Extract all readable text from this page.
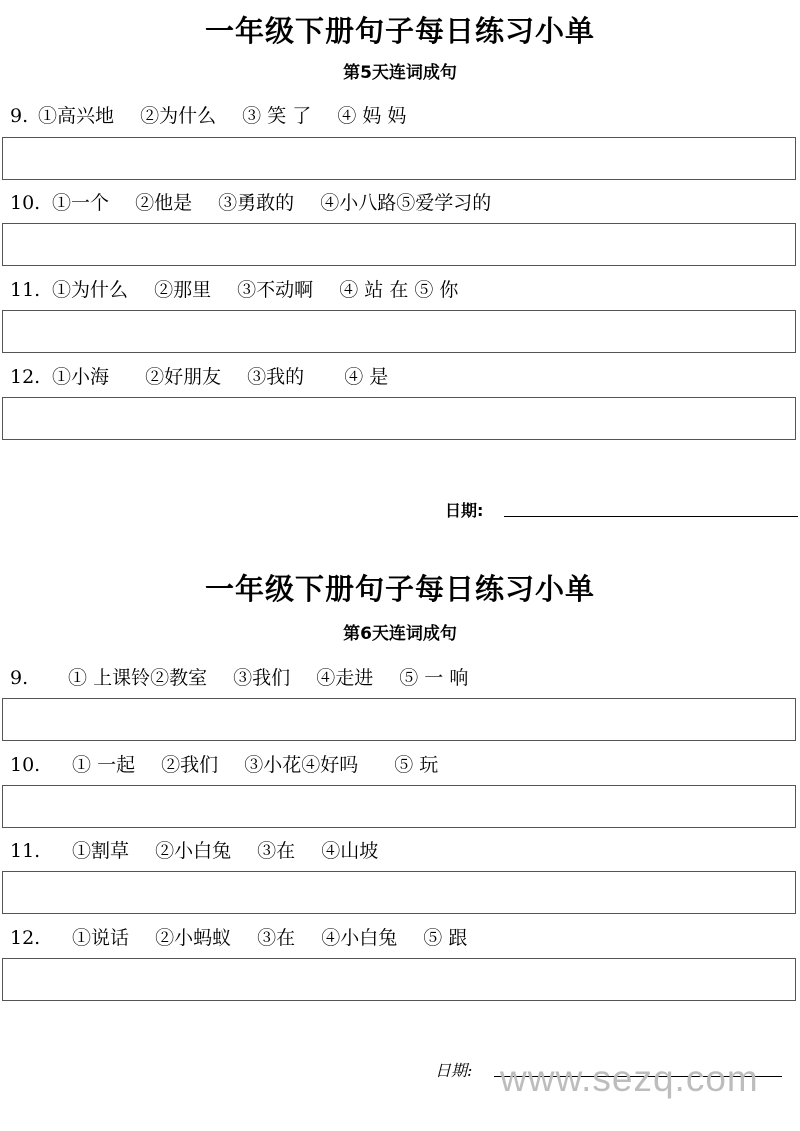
一年级下册句子每日练习小单
第5天连词成句
9. ①高兴地 ②为什么 ③ 笑 了 ④ 妈 妈
10. ①一个 ②他是 ③勇敢的 ④小八路⑤爱学习的
11. ①为什么 ②那里 ③不动啊 ④ 站 在 ⑤ 你
12. ①小海 ②好朋友 ③我的 ④ 是
日期:
一年级下册句子每日练习小单
第6天连词成句
9. ① 上课铃②教室 ③我们 ④走进 ⑤ 一 响
10. ① 一起 ②我们 ③小花④好吗 ⑤ 玩
11. ①割草 ②小白兔 ③在 ④山坡
12. ①说话 ②小蚂蚁 ③在 ④小白兔 ⑤ 跟
日期: www.sezq.com
